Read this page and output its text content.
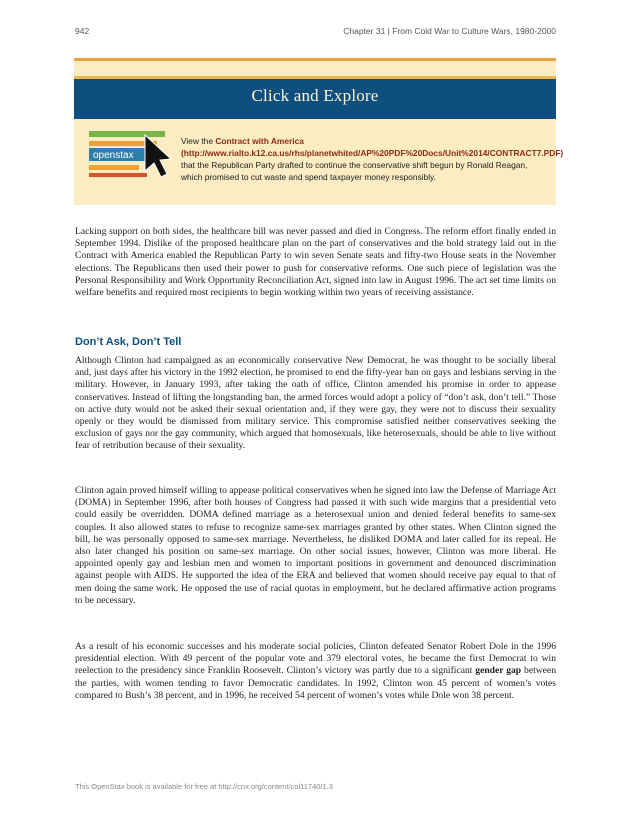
942	Chapter 31 | From Cold War to Culture Wars, 1980-2000
Click and Explore
openstax
View the Contract with America (http://www.rialto.k12.ca.us/rhs/planetwhited/AP%20PDF%20Docs/Unit%2014/CONTRACT7.PDF) that the Republican Party drafted to continue the conservative shift begun by Ronald Reagan, which promised to cut waste and spend taxpayer money responsibly.

Lacking support on both sides, the healthcare bill was never passed and died in Congress. The reform effort finally ended in September 1994. Dislike of the proposed healthcare plan on the part of conservatives and the bold strategy laid out in the Contract with America enabled the Republican Party to win seven Senate seats and fifty-two House seats in the November elections. The Republicans then used their power to push for conservative reforms. One such piece of legislation was the Personal Responsibility and Work Opportunity Reconciliation Act, signed into law in August 1996. The act set time limits on welfare benefits and required most recipients to begin working within two years of receiving assistance.

Don’t Ask, Don’t Tell

Although Clinton had campaigned as an economically conservative New Democrat, he was thought to be socially liberal and, just days after his victory in the 1992 election, he promised to end the fifty-year ban on gays and lesbians serving in the military. However, in January 1993, after taking the oath of office, Clinton amended his promise in order to appease conservatives. Instead of lifting the longstanding ban, the armed forces would adopt a policy of “don’t ask, don’t tell.” Those on active duty would not be asked their sexual orientation and, if they were gay, they were not to discuss their sexuality openly or they would be dismissed from military service. This compromise satisfied neither conservatives seeking the exclusion of gays nor the gay community, which argued that homosexuals, like heterosexuals, should be able to live without fear of retribution because of their sexuality.

Clinton again proved himself willing to appease political conservatives when he signed into law the Defense of Marriage Act (DOMA) in September 1996, after both houses of Congress had passed it with such wide margins that a presidential veto could easily be overridden. DOMA defined marriage as a heterosexual union and denied federal benefits to same-sex couples. It also allowed states to refuse to recognize same-sex marriages granted by other states. When Clinton signed the bill, he was personally opposed to same-sex marriage. Nevertheless, he disliked DOMA and later called for its repeal. He also later changed his position on same-sex marriage. On other social issues, however, Clinton was more liberal. He appointed openly gay and lesbian men and women to important positions in government and denounced discrimination against people with AIDS. He supported the idea of the ERA and believed that women should receive pay equal to that of men doing the same work. He opposed the use of racial quotas in employment, but he declared affirmative action programs to be necessary.

As a result of his economic successes and his moderate social policies, Clinton defeated Senator Robert Dole in the 1996 presidential election. With 49 percent of the popular vote and 379 electoral votes, he became the first Democrat to win reelection to the presidency since Franklin Roosevelt. Clinton’s victory was partly due to a significant gender gap between the parties, with women tending to favor Democratic candidates. In 1992, Clinton won 45 percent of women’s votes compared to Bush’s 38 percent, and in 1996, he received 54 percent of women’s votes while Dole won 38 percent.

This OpenStax book is available for free at http://cnx.org/content/col11740/1.3
